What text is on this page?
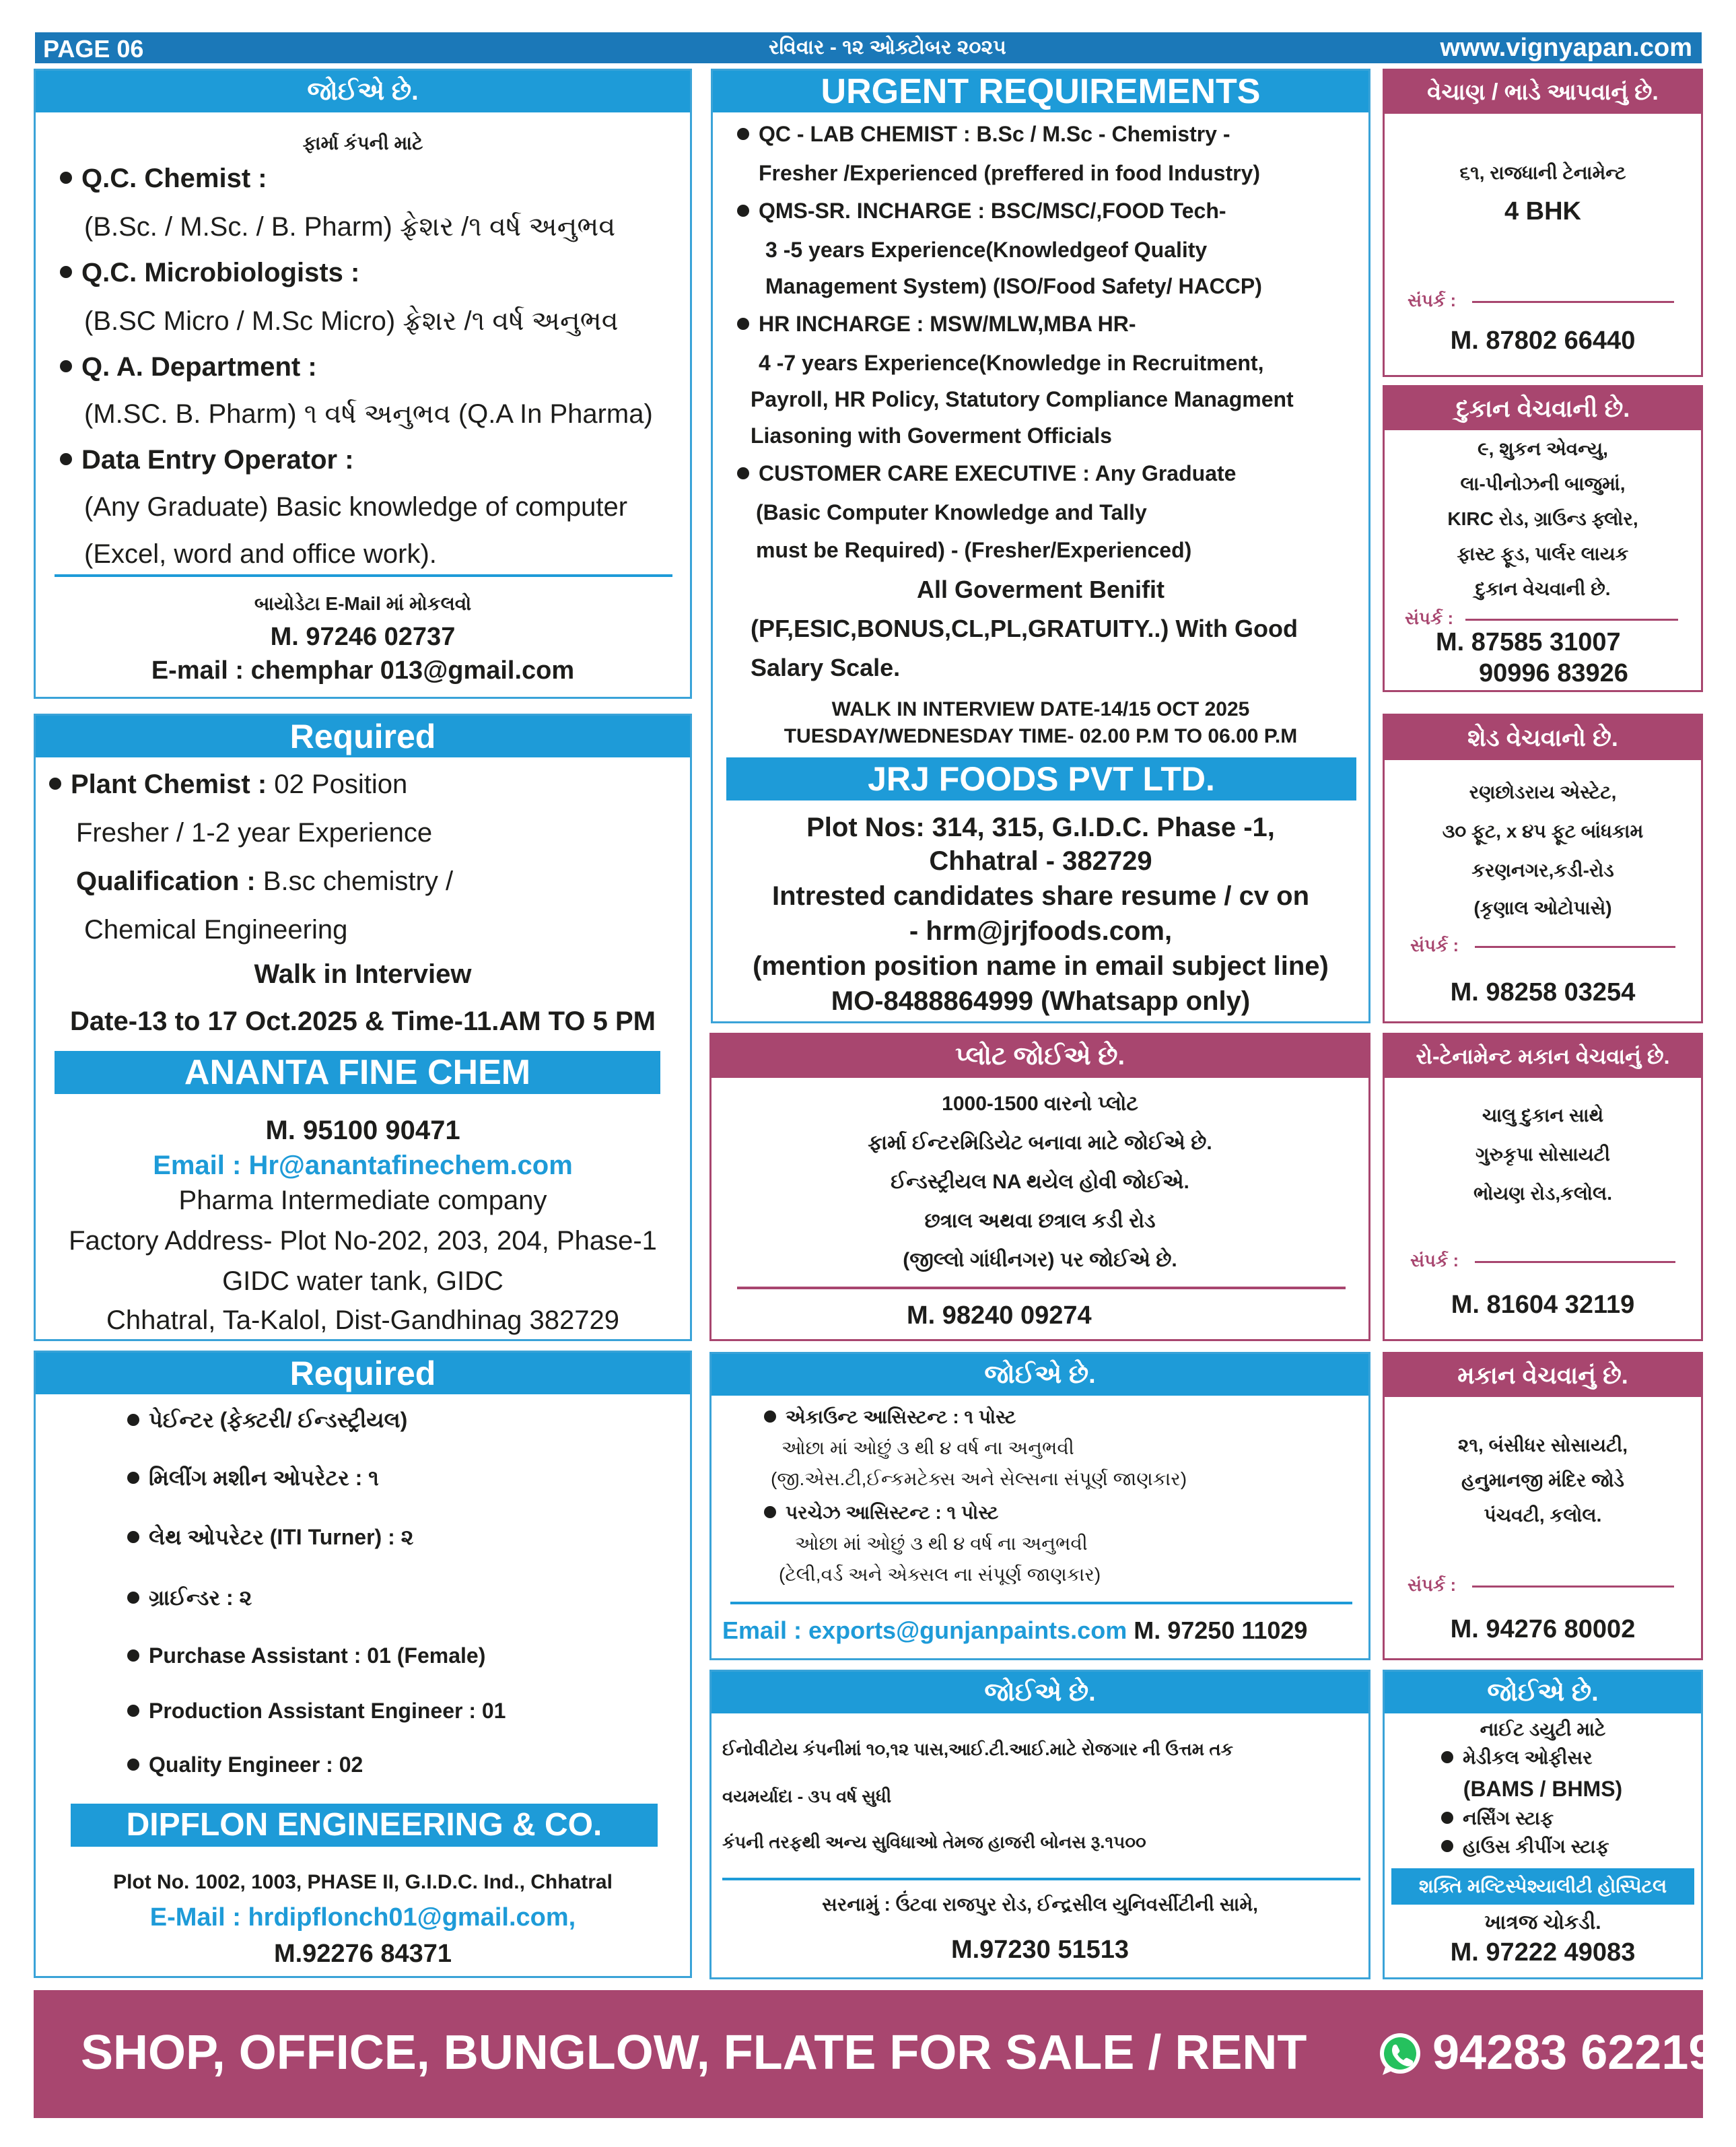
PAGE 06	રવિવાર - ૧૨ ઓક્ટોબર ૨૦૨૫	www.vignyapan.com
જોઈએ છે.
ફાર્મા કંપની માટે
Q.C. Chemist :
(B.Sc. / M.Sc. / B. Pharm) ફ્રેશર /૧ વર્ષ અનુભવ
Q.C. Microbiologists :
(B.SC Micro / M.Sc Micro) ફ્રેશર /૧ વર્ષ અનુભવ
Q. A. Department :
(M.SC. B. Pharm) ૧ વર્ષ અનુભવ (Q.A In Pharma)
Data Entry Operator :
(Any Graduate) Basic knowledge of computer
(Excel, word and office work).
બાયોડેટા E-Mail માં મોકલવો
M. 97246 02737
E-mail : chemphar 013@gmail.com
Required
Plant Chemist : 02 Position
Fresher / 1-2 year Experience
Qualification : B.sc chemistry /
Chemical Engineering
Walk in Interview
Date-13 to 17 Oct.2025 & Time-11.AM TO 5 PM
ANANTA FINE CHEM
M. 95100 90471
Email : Hr@anantafinechem.com
Pharma Intermediate company
Factory Address- Plot No-202, 203, 204, Phase-1
GIDC water tank, GIDC
Chhatral, Ta-Kalol, Dist-Gandhinag 382729
Required
પેઈન્ટર (ફેક્ટરી/ ઈન્ડસ્ટ્રીયલ)
મિલીંગ મશીન ઓપરેટર : ૧
લેથ ઓપરેટર (ITI Turner) : ૨
ગ્રાઈન્ડર : ૨
Purchase Assistant : 01 (Female)
Production Assistant Engineer : 01
Quality Engineer : 02
DIPFLON ENGINEERING & CO.
Plot No. 1002, 1003, PHASE II, G.I.D.C. Ind., Chhatral
E-Mail : hrdipflonch01@gmail.com,
M.92276 84371
URGENT REQUIREMENTS
QC - LAB CHEMIST : B.Sc / M.Sc - Chemistry -
Fresher /Experienced (preffered in food Industry)
QMS-SR. INCHARGE : BSC/MSC/,FOOD Tech-
3 -5 years Experience(Knowledgeof Quality
Management System) (ISO/Food Safety/ HACCP)
HR INCHARGE : MSW/MLW,MBA HR-
4 -7 years Experience(Knowledge in Recruitment,
Payroll, HR Policy, Statutory Compliance Managment
Liasoning with Goverment Officials
CUSTOMER CARE EXECUTIVE : Any Graduate
(Basic Computer Knowledge and Tally
must be Required) - (Fresher/Experienced)
All Goverment Benifit
(PF,ESIC,BONUS,CL,PL,GRATUITY..) With Good
Salary Scale.
WALK IN INTERVIEW DATE-14/15 OCT 2025
TUESDAY/WEDNESDAY TIME- 02.00 P.M TO 06.00 P.M
JRJ FOODS PVT LTD.
Plot Nos: 314, 315, G.I.D.C. Phase -1,
Chhatral - 382729
Intrested candidates share resume / cv on
- hrm@jrjfoods.com,
(mention position name in email subject line)
MO-8488864999 (Whatsapp only)
પ્લોટ જોઈએ છે.
1000-1500 વારનો પ્લોટ
ફાર્મા ઈન્ટરમિડિયેટ બનાવા માટે જોઈએ છે.
ઈન્ડસ્ટ્રીયલ NA થયેલ હોવી જોઈએ.
છત્રાલ અથવા છત્રાલ કડી રોડ
(જીલ્લો ગાંધીનગર) પર જોઈએ છે.
M. 98240 09274
જોઈએ છે.
એકાઉન્ટ આસિસ્ટન્ટ : ૧ પોસ્ટ
ઓછા માં ઓછું ૩ થી ૪ વર્ષ ના અનુભવી
(જી.એસ.ટી,ઈન્કમટેક્સ અને સેલ્સના સંપૂર્ણ જાણકાર)
પરચેઝ આસિસ્ટન્ટ : ૧ પોસ્ટ
ઓછા માં ઓછું ૩ થી ૪ વર્ષ ના અનુભવી
(ટેલી,વર્ડ અને એક્સલ ના સંપૂર્ણ જાણકાર)
Email : exports@gunjanpaints.com M. 97250 11029
જોઈએ છે.
ઈનોવીટોય કંપનીમાં ૧૦,૧૨ પાસ,આઈ.ટી.આઈ.માટે રોજગાર ની ઉત્તમ તક
વયમર્યાદા - ૩૫ વર્ષ સુધી
કંપની તરફથી અન્ય સુવિધાઓ તેમજ હાજરી બોનસ રૂ.૧૫૦૦
સરનામું : ઉંટવા રાજપુર રોડ, ઈન્દ્રસીલ યુનિવર્સીટીની સામે,
M.97230 51513
વેચાણ / ભાડે આપવાનું છે.
૬૧, રાજધાની ટેનામેન્ટ
4 BHK
સંપર્ક :
M. 87802 66440
દુકાન વેચવાની છે.
૯, શુકન એવન્યુ,
લા-પીનોઝની બાજુમાં,
KIRC રોડ, ગ્રાઉન્ડ ફ્લોર,
ફાસ્ટ ફૂડ, પાર્લર લાયક
દુકાન વેચવાની છે.
સંપર્ક :
M. 87585 31007
90996 83926
શેડ વેચવાનો છે.
રણછોડરાય એસ્ટેટ,
૩૦ ફૂટ, x ૪૫ ફૂટ બાંધકામ
કરણનગર,કડી-રોડ
(કૃણાલ ઓટોપાસે)
સંપર્ક :
M. 98258 03254
રો-ટેનામેન્ટ મકાન વેચવાનું છે.
ચાલુ દુકાન સાથે
ગુરુકૃપા સોસાયટી
ભોયણ રોડ,કલોલ.
સંપર્ક :
M. 81604 32119
મકાન વેચવાનું છે.
૨૧, બંસીધર સોસાયટી,
હનુમાનજી મંદિર જોડે
પંચવટી, કલોલ.
સંપર્ક :
M. 94276 80002
જોઈએ છે.
નાઈટ ડયુટી માટે
મેડીકલ ઓફીસર
(BAMS / BHMS)
નર્સિંગ સ્ટાફ
હાઉસ કીપીંગ સ્ટાફ
શક્તિ મલ્ટિસ્પેશ્યાલીટી હોસ્પિટલ
ખાત્રજ ચોકડી.
M. 97222 49083
SHOP, OFFICE, BUNGLOW, FLATE FOR SALE / RENT	94283 62219
